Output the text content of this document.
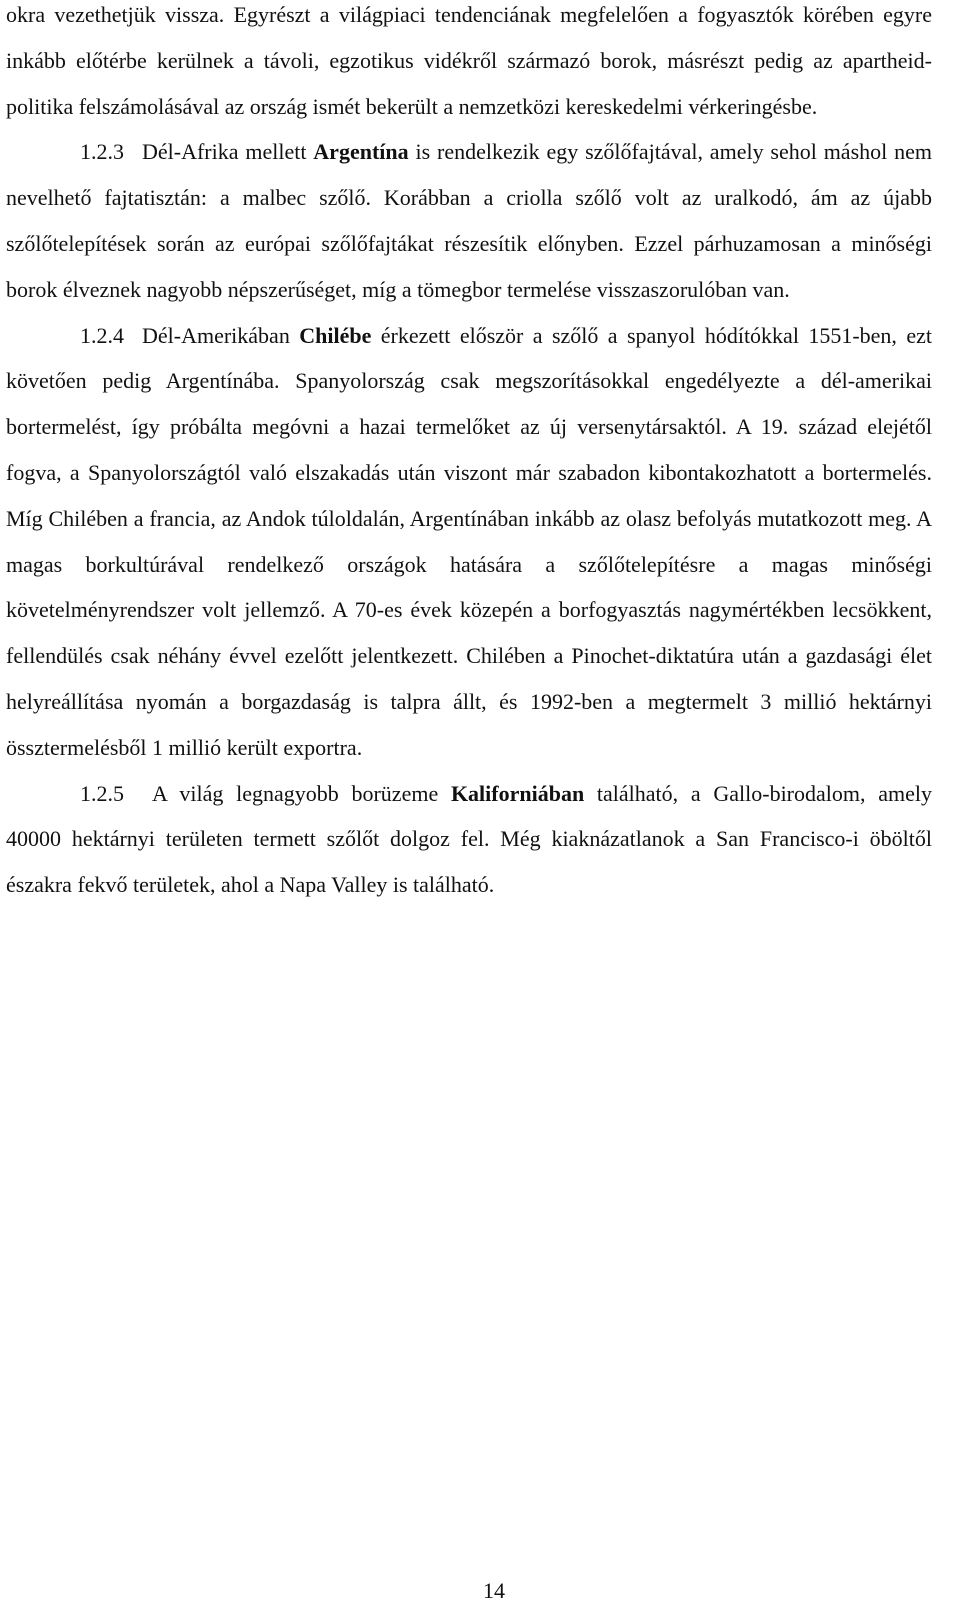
okra vezethetjük vissza. Egyrészt a világpiaci tendenciának megfelelően a fogyasztók körében egyre inkább előtérbe kerülnek a távoli, egzotikus vidékről származó borok, másrészt pedig az apartheid-politika felszámolásával az ország ismét bekerült a nemzetközi kereskedelmi vérkeringésbe.

1.2.3 Dél-Afrika mellett Argentína is rendelkezik egy szőlőfajtával, amely sehol máshol nem nevelhető fajtatisztán: a malbec szőlő. Korábban a criolla szőlő volt az uralkodó, ám az újabb szőlőtelepítések során az európai szőlőfajtákat részesítik előnyben. Ezzel párhuzamosan a minőségi borok élveznek nagyobb népszerűséget, míg a tömegbor termelése visszaszorulóban van.

1.2.4 Dél-Amerikában Chilébe érkezett először a szőlő a spanyol hódítókkal 1551-ben, ezt követően pedig Argentínába. Spanyolország csak megszorításokkal engedélyezte a dél-amerikai bortermelést, így próbálta megóvni a hazai termelőket az új versenytársaktól. A 19. század elejétől fogva, a Spanyolországtól való elszakadás után viszont már szabadon kibontakozhatott a bortermelés. Míg Chilében a francia, az Andok túloldalán, Argentínában inkább az olasz befolyás mutatkozott meg. A magas borkultúrával rendelkező országok hatására a szőlőtelepítésre a magas minőségi követelményrendszer volt jellemző. A 70-es évek közepén a borfogyasztás nagymértékben lecsökkent, fellendülés csak néhány évvel ezelőtt jelentkezett. Chilében a Pinochet-diktatúra után a gazdasági élet helyreállítása nyomán a borgazdaság is talpra állt, és 1992-ben a megtermelt 3 millió hektárnyi össztermelésből 1 millió került exportra.

1.2.5 A világ legnagyobb borüzeme Kaliforniában található, a Gallo-birodalom, amely 40000 hektárnyi területen termett szőlőt dolgoz fel. Még kiaknázatlanok a San Francisco-i öböltől északra fekvő területek, ahol a Napa Valley is található.

14
